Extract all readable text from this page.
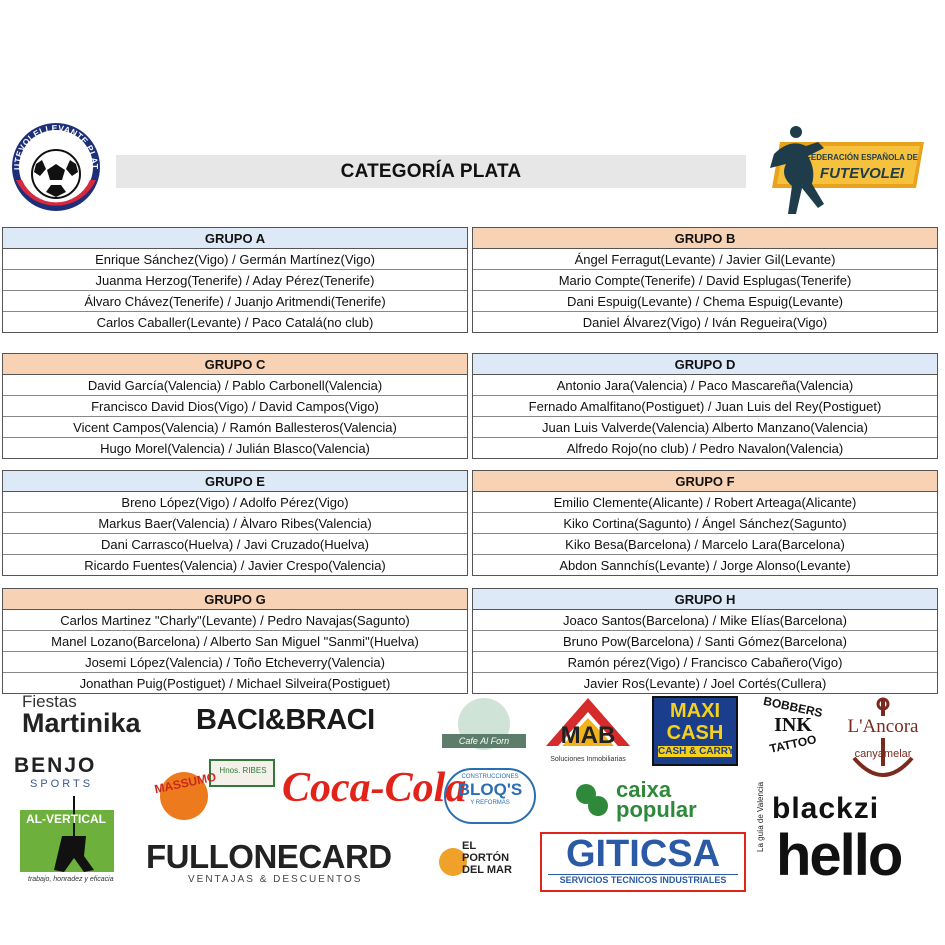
UTEVOLEI LEVANTE PLAT	CATEGORÍA PLATA
FEDERACIÓN ESPAÑOLA DE
FUTEVOLEI
GRUPO A
Enrique Sánchez(Vigo) / Germán Martínez(Vigo)
Juanma Herzog(Tenerife) / Aday Pérez(Tenerife)
Álvaro Chávez(Tenerife) / Juanjo Aritmendi(Tenerife)
Carlos Caballer(Levante) / Paco Catalá(no club)
GRUPO B
Ángel Ferragut(Levante) / Javier Gil(Levante)
Mario Compte(Tenerife) / David Esplugas(Tenerife)
Dani Espuig(Levante) / Chema Espuig(Levante)
Daniel Álvarez(Vigo) / Iván Regueira(Vigo)
GRUPO C
David García(Valencia) / Pablo Carbonell(Valencia)
Francisco David Dios(Vigo) / David Campos(Vigo)
Vicent Campos(Valencia) / Ramón Ballesteros(Valencia)
Hugo Morel(Valencia) / Julián Blasco(Valencia)
GRUPO D
Antonio Jara(Valencia) / Paco Mascareña(Valencia)
Fernado Amalfitano(Postiguet) / Juan Luis del Rey(Postiguet)
Juan Luis Valverde(Valencia) Alberto Manzano(Valencia)
Alfredo Rojo(no club) / Pedro Navalon(Valencia)
GRUPO E
Breno López(Vigo) / Adolfo Pérez(Vigo)
Markus Baer(Valencia) / Àlvaro Ribes(Valencia)
Dani Carrasco(Huelva) / Javi Cruzado(Huelva)
Ricardo Fuentes(Valencia) / Javier Crespo(Valencia)
GRUPO F
Emilio Clemente(Alicante) / Robert Arteaga(Alicante)
Kiko Cortina(Sagunto) / Ángel Sánchez(Sagunto)
Kiko Besa(Barcelona) / Marcelo Lara(Barcelona)
Abdon Sannchís(Levante) / Jorge Alonso(Levante)
GRUPO G
Carlos Martinez "Charly"(Levante) / Pedro Navajas(Sagunto)
Manel Lozano(Barcelona) / Alberto San Miguel "Sanmi"(Huelva)
Josemi López(Valencia) / Toño Etcheverry(Valencia)
Jonathan Puig(Postiguet) / Michael Silveira(Postiguet)
GRUPO H
Joaco Santos(Barcelona) / Mike Elías(Barcelona)
Bruno Pow(Barcelona) / Santi Gómez(Barcelona)
Ramón pérez(Vigo) / Francisco Cabañero(Vigo)
Javier Ros(Levante) / Joel Cortés(Cullera)
Fiestas
Martinika BACI&BRACI
Cafe Al Forn	MAB
Soluciones Inmobiliarias
MAXI
CASH
CASH & CARRY
BOBBERS
INK
TATTOO
L'Ancora
canyamelar
BENJO
SPORTS	MASSUMO Hnos. RIBES Coca-Cola
CONSTRUCCIONES
BLOQ'S
Y REFORMAS
caixa
popular	blackzi
AL-VERTICAL
trabajo, honradez y eficacia
FULLONECARD
VENTAJAS & DESCUENTOS
EL
PORTÓN
DEL MAR	GITICSA
SERVICIOS TECNICOS INDUSTRIALES
La guía de Valencia
hello
